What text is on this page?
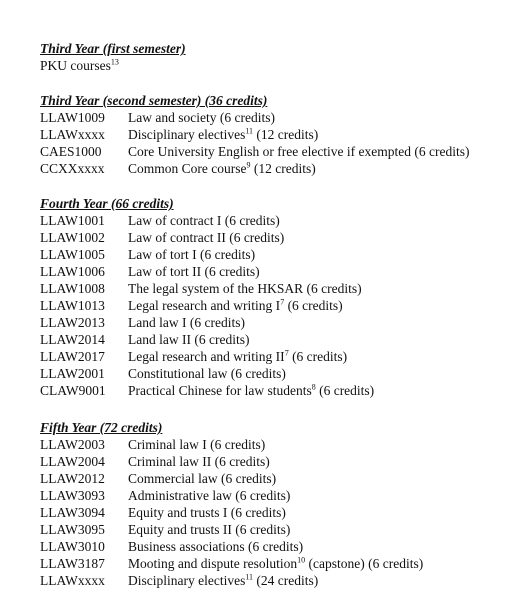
Third Year (first semester)
PKU courses$^{13}$
Third Year (second semester) (36 credits)
LLAW1009	Law and society (6 credits)
LLAWxxxx	Disciplinary electives$^{11}$ (12 credits)
CAES1000	Core University English or free elective if exempted (6 credits)
CCXXxxxx	Common Core course$^9$ (12 credits)
Fourth Year (66 credits)
LLAW1001	Law of contract I (6 credits)
LLAW1002	Law of contract II (6 credits)
LLAW1005	Law of tort I (6 credits)
LLAW1006	Law of tort II (6 credits)
LLAW1008	The legal system of the HKSAR (6 credits)
LLAW1013	Legal research and writing $I^7$ (6 credits)
LLAW2013	Land law I (6 credits)
LLAW2014	Land law II (6 credits)
LLAW2017	Legal research and writing $II^7$ (6 credits)
LLAW2001	Constitutional law (6 credits)
CLAW9001	Practical Chinese for law students$^8$ (6 credits)
Fifth Year (72 credits)
LLAW2003	Criminal law I (6 credits)
LLAW2004	Criminal law II (6 credits)
LLAW2012	Commercial law (6 credits)
LLAW3093	Administrative law (6 credits)
LLAW3094	Equity and trusts I (6 credits)
LLAW3095	Equity and trusts II (6 credits)
LLAW3010	Business associations (6 credits)
LLAW3187	Mooting and dispute resolution$^{10}$ (capstone) (6 credits)
LLAWxxxx	Disciplinary electives$^{11}$ (24 credits)
